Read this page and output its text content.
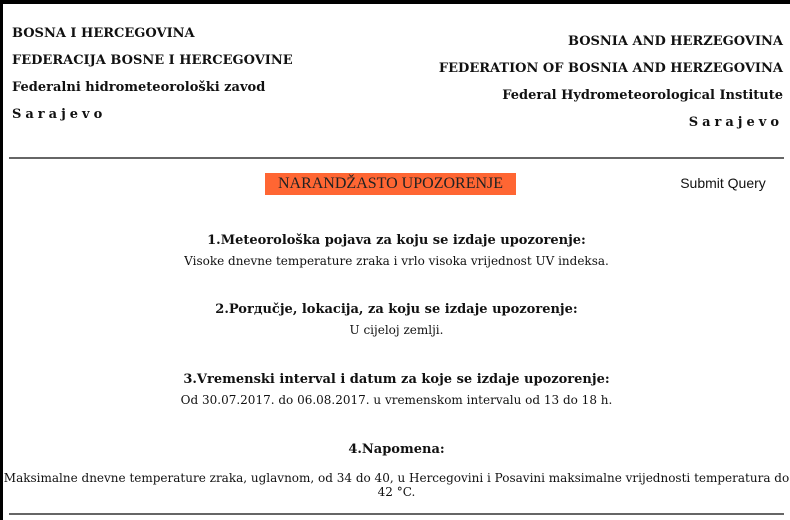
BOSNA I HERCEGOVINA
FEDERACIJA BOSNE I HERCEGOVINE
Federalni hidrometeorološki zavod
Sarajevo
BOSNIA AND HERZEGOVINA
FEDERATION OF BOSNIA AND HERZEGOVINA
Federal Hydrometeorological Institute
Sarajevo
NARANDŽASTO UPOZORENJE	Submit Query
1.Meteorološka pojava za koju se izdaje upozorenje:
Visoke dnevne temperature zraka i vrlo visoka vrijednost UV indeksa.
2.Porдučje, lokacija, za koju se izdaje upozorenje:
U cijeloj zemlji.
3.Vremenski interval i datum za koje se izdaje upozorenje:
Od 30.07.2017. do 06.08.2017. u vremenskom intervalu od 13 do 18 h.
4.Napomena:
Maksimalne dnevne temperature zraka, uglavnom, od 34 do 40, u Hercegovini i Posavini maksimalne vrijednosti temperatura do 42 °C.
